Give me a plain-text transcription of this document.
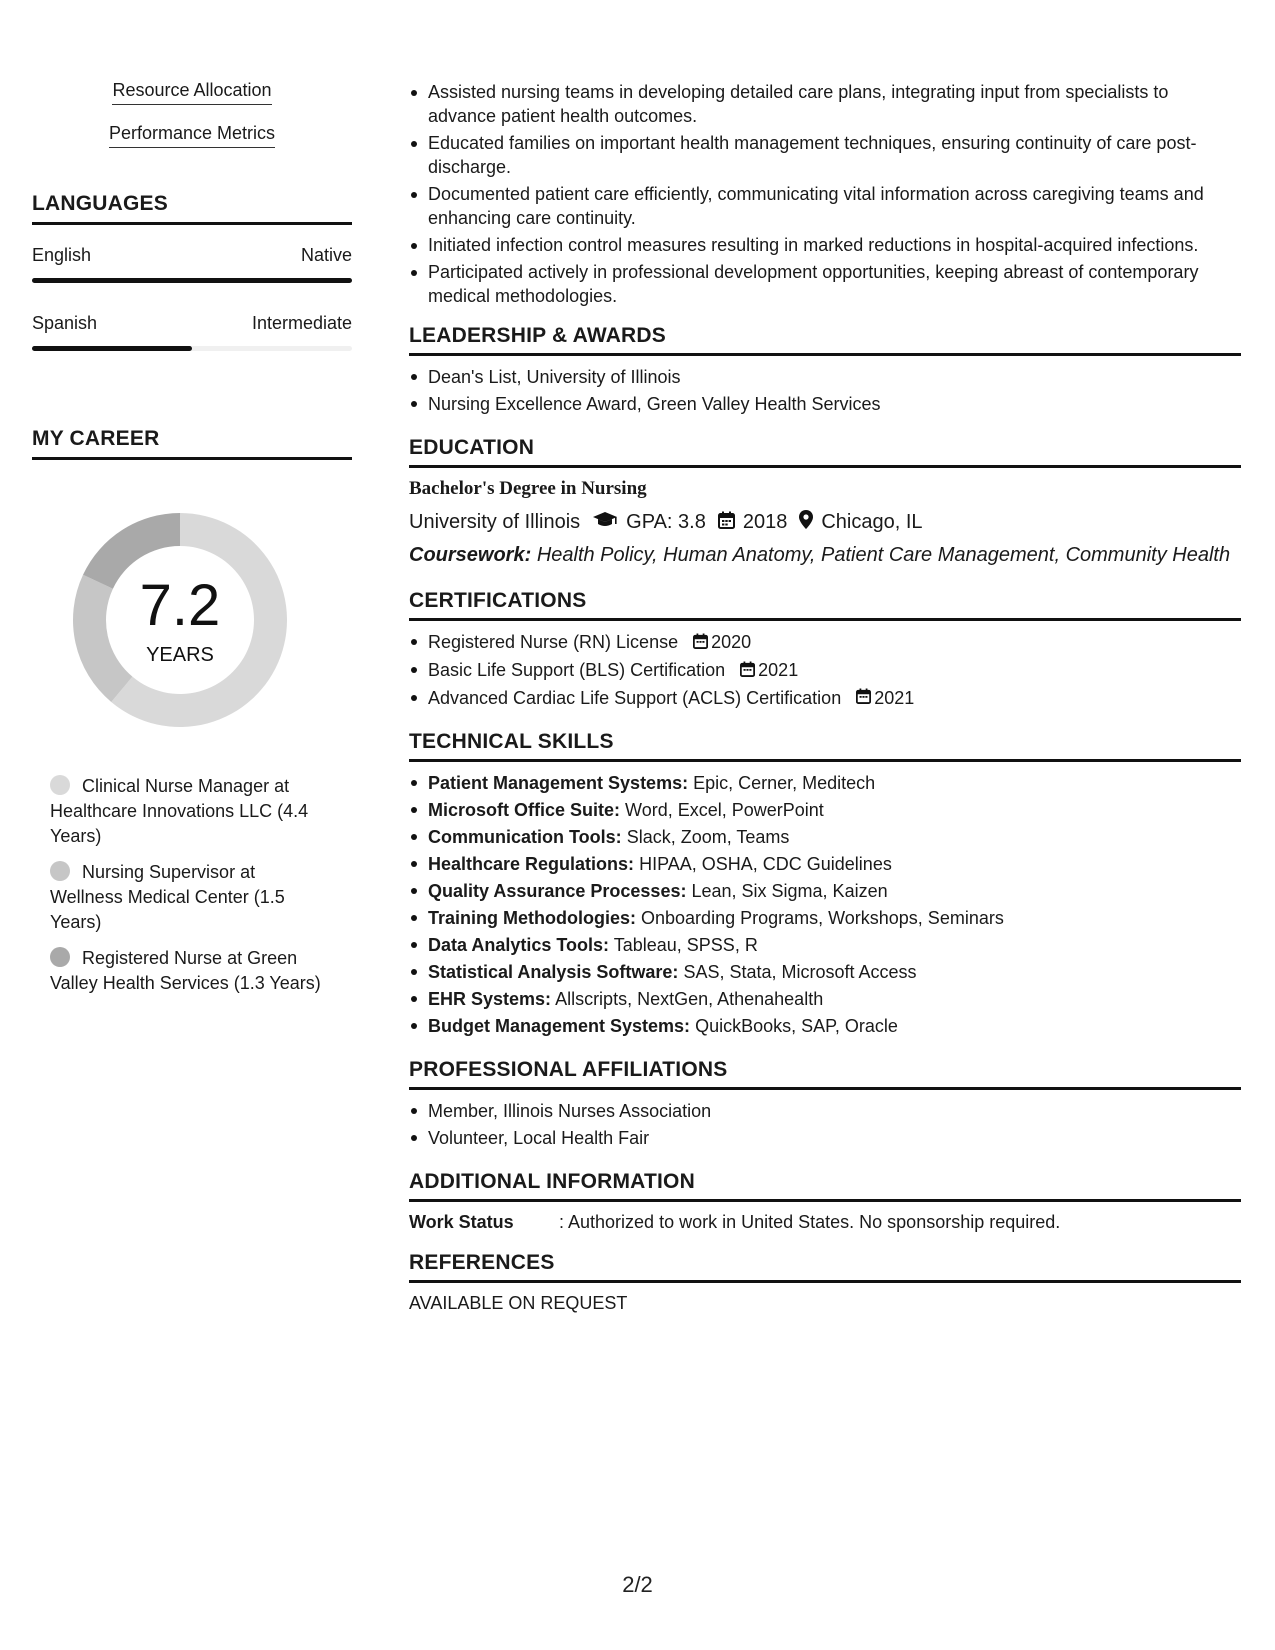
Resource Allocation
Performance Metrics
LANGUAGES
English	Native
Spanish	Intermediate
MY CAREER
7.2
YEARS
Clinical Nurse Manager at Healthcare Innovations LLC (4.4 Years)
Nursing Supervisor at Wellness Medical Center (1.5 Years)
Registered Nurse at Green Valley Health Services (1.3 Years)
Assisted nursing teams in developing detailed care plans, integrating input from specialists to advance patient health outcomes.
Educated families on important health management techniques, ensuring continuity of care post-discharge.
Documented patient care efficiently, communicating vital information across caregiving teams and enhancing care continuity.
Initiated infection control measures resulting in marked reductions in hospital-acquired infections.
Participated actively in professional development opportunities, keeping abreast of contemporary medical methodologies.
LEADERSHIP & AWARDS
Dean's List, University of Illinois
Nursing Excellence Award, Green Valley Health Services
EDUCATION
Bachelor's Degree in Nursing
University of Illinois GPA: 3.8 2018 Chicago, IL
Coursework: Health Policy, Human Anatomy, Patient Care Management, Community Health
CERTIFICATIONS
Registered Nurse (RN) License 2020
Basic Life Support (BLS) Certification 2021
Advanced Cardiac Life Support (ACLS) Certification 2021
TECHNICAL SKILLS
Patient Management Systems: Epic, Cerner, Meditech
Microsoft Office Suite: Word, Excel, PowerPoint
Communication Tools: Slack, Zoom, Teams
Healthcare Regulations: HIPAA, OSHA, CDC Guidelines
Quality Assurance Processes: Lean, Six Sigma, Kaizen
Training Methodologies: Onboarding Programs, Workshops, Seminars
Data Analytics Tools: Tableau, SPSS, R
Statistical Analysis Software: SAS, Stata, Microsoft Access
EHR Systems: Allscripts, NextGen, Athenahealth
Budget Management Systems: QuickBooks, SAP, Oracle
PROFESSIONAL AFFILIATIONS
Member, Illinois Nurses Association
Volunteer, Local Health Fair
ADDITIONAL INFORMATION
Work Status	: Authorized to work in United States. No sponsorship required.
REFERENCES
AVAILABLE ON REQUEST
2/2
